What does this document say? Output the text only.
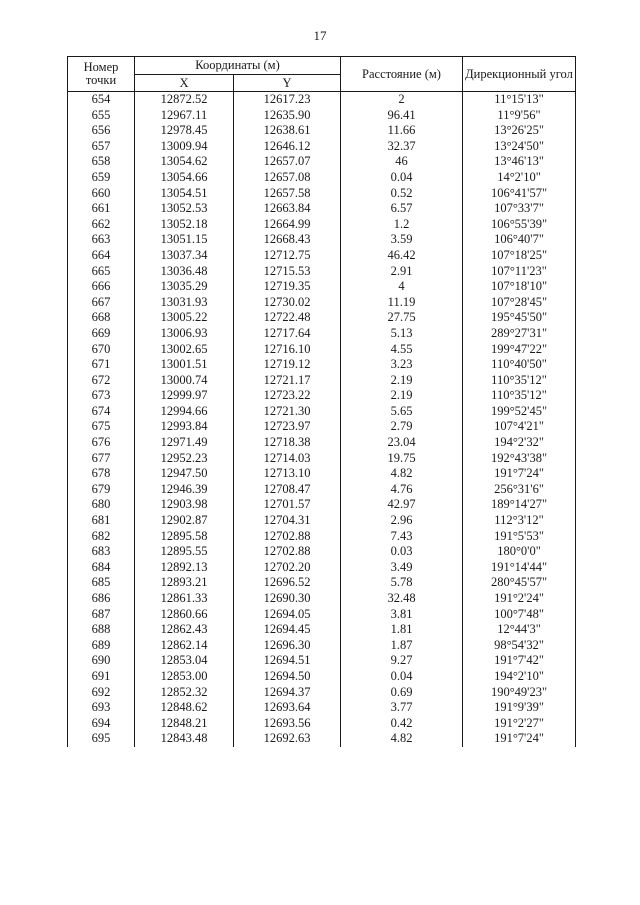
17
Номер точки	Координаты (м)		Расстояние (м)	Дирекционный угол
	X	Y		
654	12872.52	12617.23	2	11°15'13"
655	12967.11	12635.90	96.41	11°9'56"
656	12978.45	12638.61	11.66	13°26'25"
657	13009.94	12646.12	32.37	13°24'50"
658	13054.62	12657.07	46	13°46'13"
659	13054.66	12657.08	0.04	14°2'10"
660	13054.51	12657.58	0.52	106°41'57"
661	13052.53	12663.84	6.57	107°33'7"
662	13052.18	12664.99	1.2	106°55'39"
663	13051.15	12668.43	3.59	106°40'7"
664	13037.34	12712.75	46.42	107°18'25"
665	13036.48	12715.53	2.91	107°11'23"
666	13035.29	12719.35	4	107°18'10"
667	13031.93	12730.02	11.19	107°28'45"
668	13005.22	12722.48	27.75	195°45'50"
669	13006.93	12717.64	5.13	289°27'31"
670	13002.65	12716.10	4.55	199°47'22"
671	13001.51	12719.12	3.23	110°40'50"
672	13000.74	12721.17	2.19	110°35'12"
673	12999.97	12723.22	2.19	110°35'12"
674	12994.66	12721.30	5.65	199°52'45"
675	12993.84	12723.97	2.79	107°4'21"
676	12971.49	12718.38	23.04	194°2'32"
677	12952.23	12714.03	19.75	192°43'38"
678	12947.50	12713.10	4.82	191°7'24"
679	12946.39	12708.47	4.76	256°31'6"
680	12903.98	12701.57	42.97	189°14'27"
681	12902.87	12704.31	2.96	112°3'12"
682	12895.58	12702.88	7.43	191°5'53"
683	12895.55	12702.88	0.03	180°0'0"
684	12892.13	12702.20	3.49	191°14'44"
685	12893.21	12696.52	5.78	280°45'57"
686	12861.33	12690.30	32.48	191°2'24"
687	12860.66	12694.05	3.81	100°7'48"
688	12862.43	12694.45	1.81	12°44'3"
689	12862.14	12696.30	1.87	98°54'32"
690	12853.04	12694.51	9.27	191°7'42"
691	12853.00	12694.50	0.04	194°2'10"
692	12852.32	12694.37	0.69	190°49'23"
693	12848.62	12693.64	3.77	191°9'39"
694	12848.21	12693.56	0.42	191°2'27"
695	12843.48	12692.63	4.82	191°7'24"
